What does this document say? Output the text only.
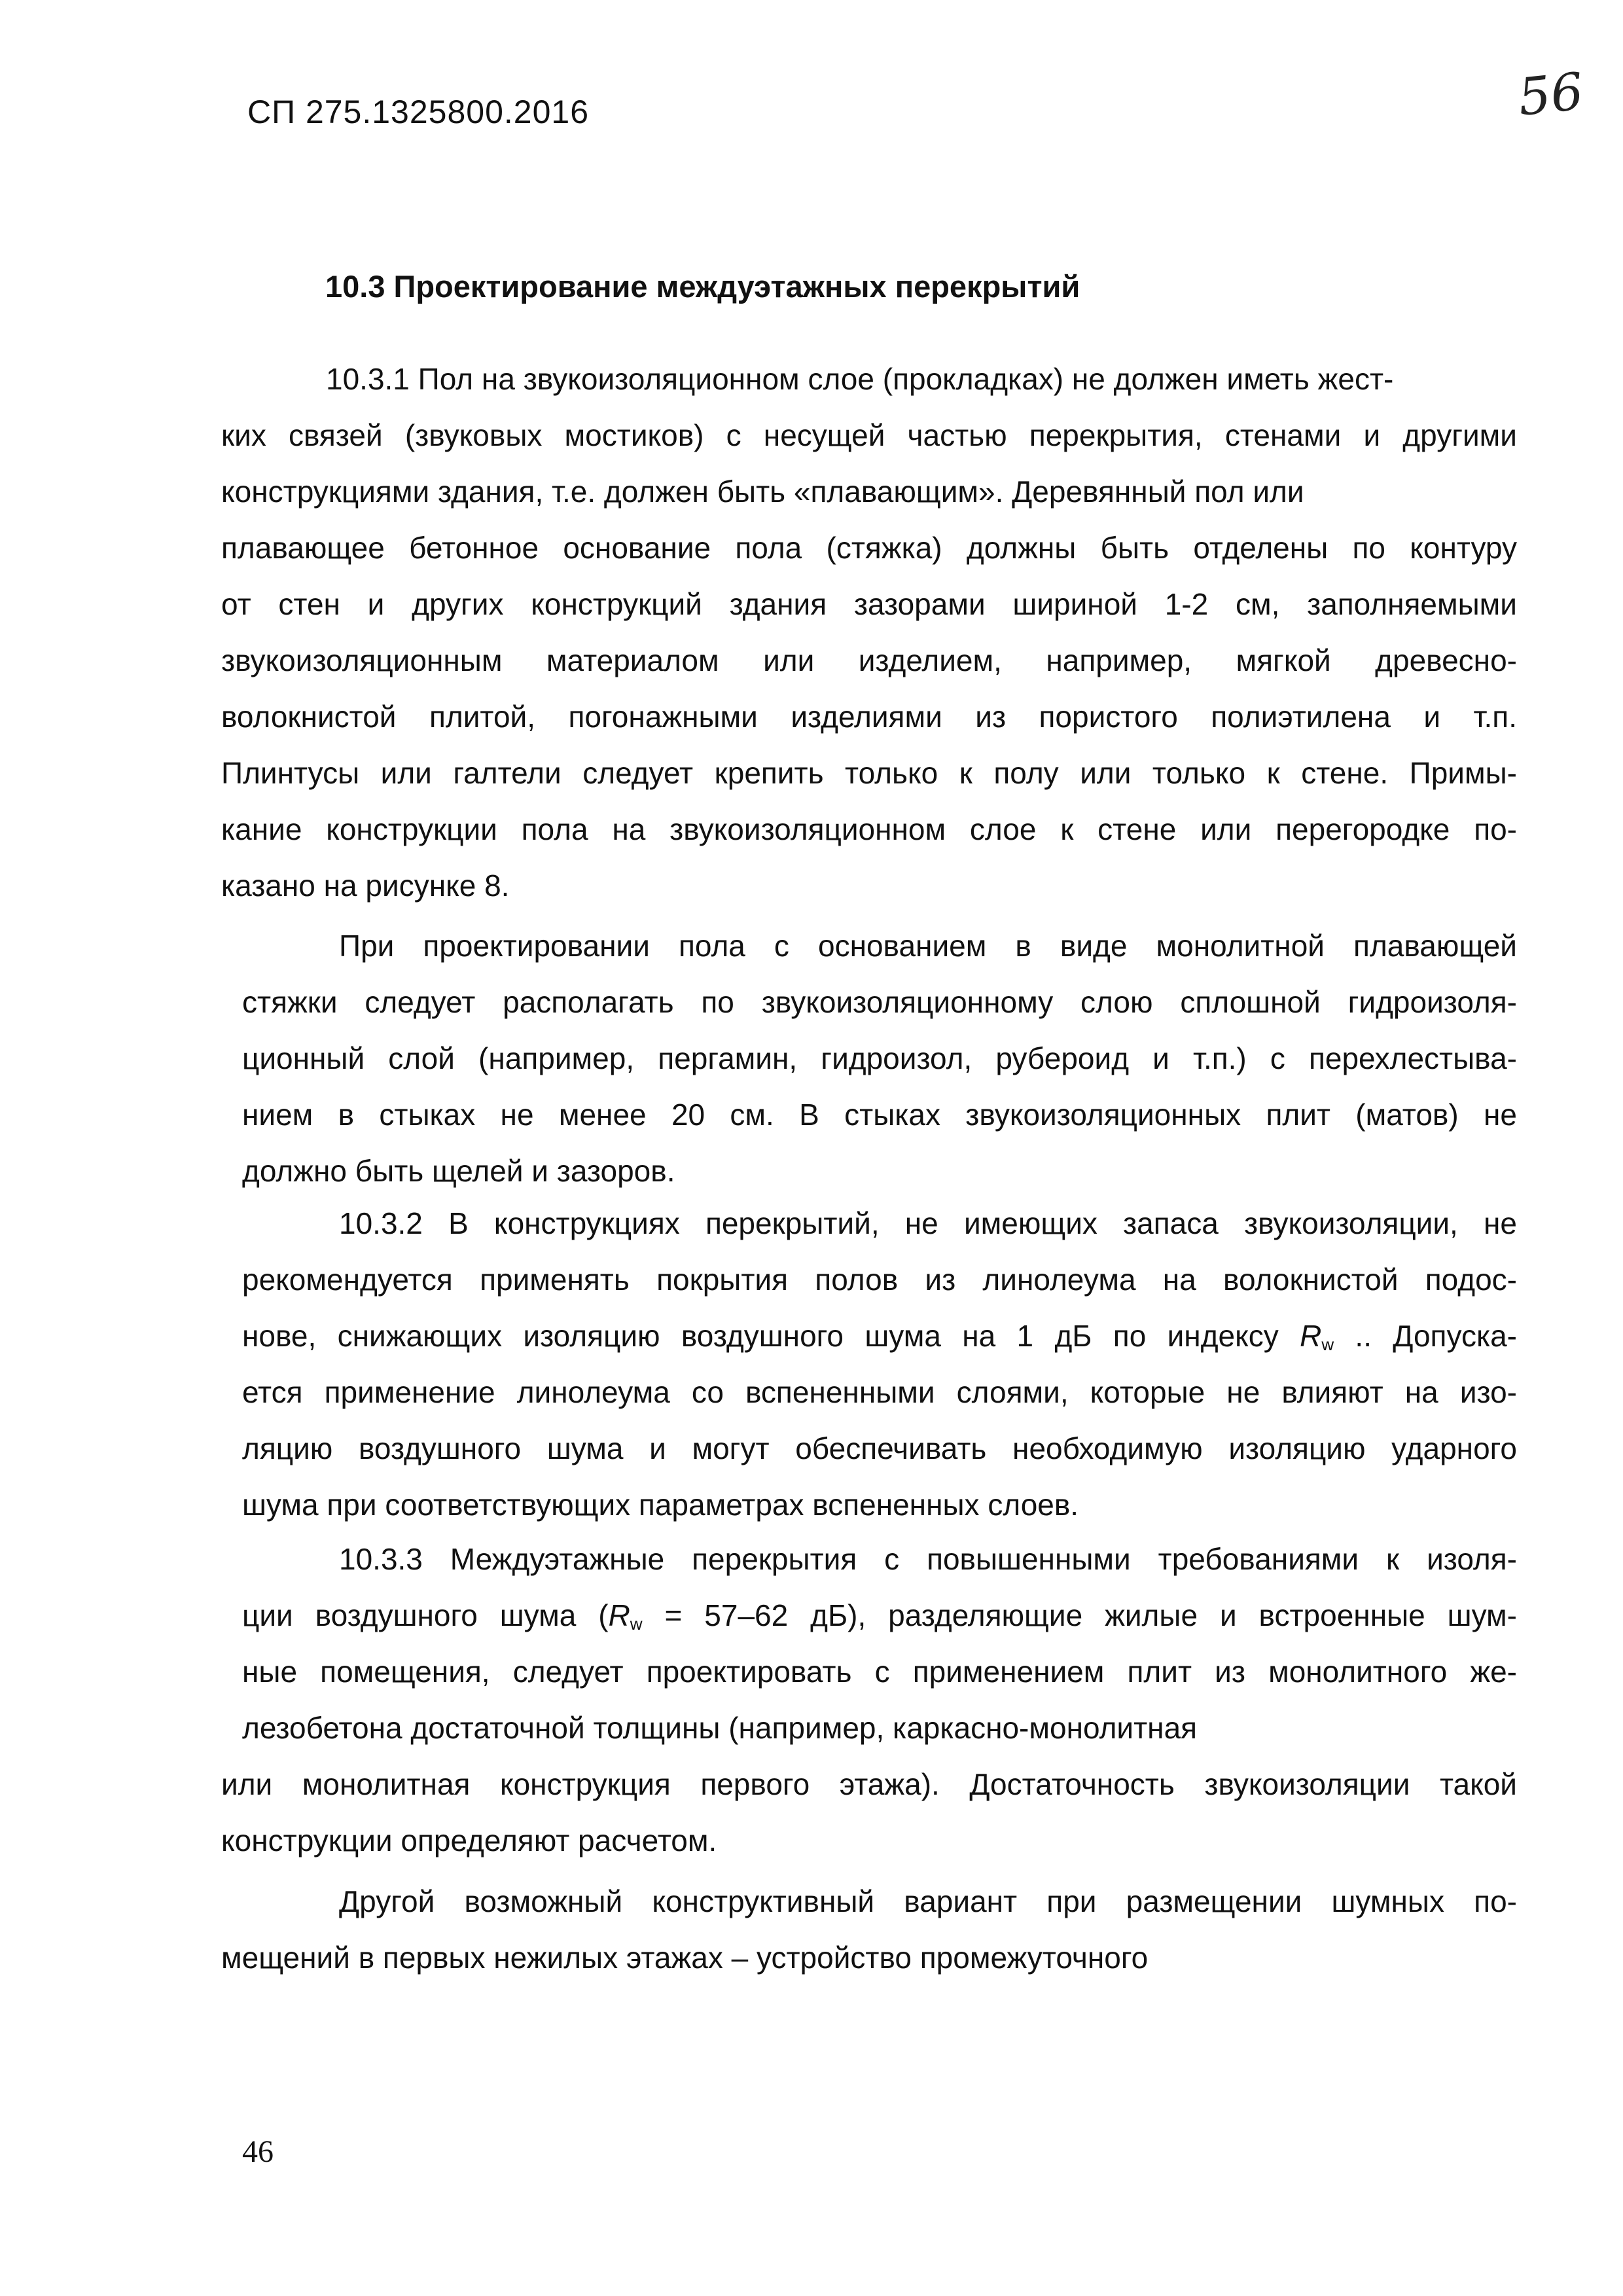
СП 275.1325800.2016	56
10.3 Проектирование междуэтажных перекрытий
10.3.1 Пол на звукоизоляционном слое (прокладках) не должен иметь жест-
ких связей (звуковых мостиков) с несущей частью перекрытия, стенами и другими
конструкциями здания, т.е. должен быть «плавающим». Деревянный пол или
плавающее бетонное основание пола (стяжка) должны быть отделены по контуру
от стен и других конструкций здания зазорами шириной 1-2 см, заполняемыми
звукоизоляционным материалом или изделием, например, мягкой древесно-
волокнистой плитой, погонажными изделиями из пористого полиэтилена и т.п.
Плинтусы или галтели следует крепить только к полу или только к стене. Примы-
кание конструкции пола на звукоизоляционном слое к стене или перегородке по-
казано на рисунке 8.
При проектировании пола с основанием в виде монолитной плавающей
стяжки следует располагать по звукоизоляционному слою сплошной гидроизоля-
ционный слой (например, пергамин, гидроизол, рубероид и т.п.) с перехлестыва-
нием в стыках не менее 20 см. В стыках звукоизоляционных плит (матов) не
должно быть щелей и зазоров.
10.3.2 В конструкциях перекрытий, не имеющих запаса звукоизоляции, не
рекомендуется применять покрытия полов из линолеума на волокнистой подос-
нове, снижающих изоляцию воздушного шума на 1 дБ по индексу $R_w$ .. Допуска-
ется применение линолеума со вспененными слоями, которые не влияют на изо-
ляцию воздушного шума и могут обеспечивать необходимую изоляцию ударного
шума при соответствующих параметрах вспененных слоев.
10.3.3 Междуэтажные перекрытия с повышенными требованиями к изоля-
ции воздушного шума ($R_w = 57-62$ дБ), разделяющие жилые и встроенные шум-
ные помещения, следует проектировать с применением плит из монолитного же-
лезобетона достаточной толщины (например, каркасно-монолитная
или монолитная конструкция первого этажа). Достаточность звукоизоляции такой
конструкции определяют расчетом.
Другой возможный конструктивный вариант при размещении шумных по-
мещений в первых нежилых этажах – устройство промежуточного
46
